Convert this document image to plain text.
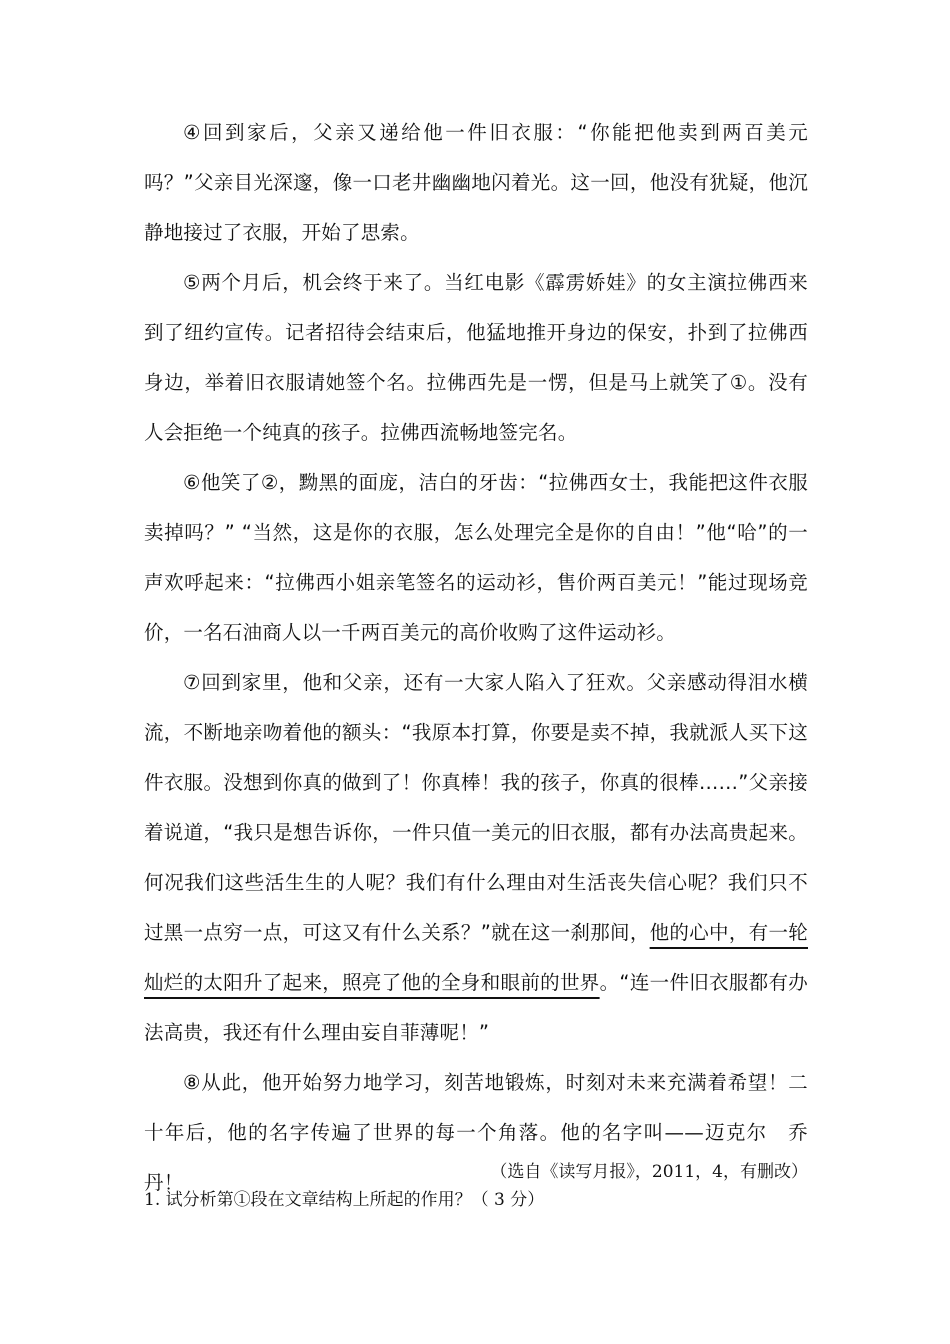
④回到家后，父亲又递给他一件旧衣服：“你能把他卖到两百美元吗？”父亲目光深邃，像一口老井幽幽地闪着光。这一回，他没有犹疑，他沉静地接过了衣服，开始了思索。

⑤两个月后，机会终于来了。当红电影《霹雳娇娃》的女主演拉佛西来到了纽约宣传。记者招待会结束后，他猛地推开身边的保安，扑到了拉佛西身边，举着旧衣服请她签个名。拉佛西先是一愣，但是马上就笑了①。没有人会拒绝一个纯真的孩子。拉佛西流畅地签完名。

⑥他笑了②，黝黑的面庞，洁白的牙齿：“拉佛西女士，我能把这件衣服卖掉吗？” “当然，这是你的衣服，怎么处理完全是你的自由！”他“哈”的一声欢呼起来：“拉佛西小姐亲笔签名的运动衫，售价两百美元！”能过现场竞价，一名石油商人以一千两百美元的高价收购了这件运动衫。

⑦回到家里，他和父亲，还有一大家人陷入了狂欢。父亲感动得泪水横流，不断地亲吻着他的额头：“我原本打算，你要是卖不掉，我就派人买下这件衣服。没想到你真的做到了！你真棒！我的孩子，你真的很棒……”父亲接着说道，“我只是想告诉你，一件只值一美元的旧衣服，都有办法高贵起来。何况我们这些活生生的人呢？我们有什么理由对生活丧失信心呢？我们只不过黑一点穷一点，可这又有什么关系？”就在这一刹那间，他的心中，有一轮灿烂的太阳升了起来，照亮了他的全身和眼前的世界。“连一件旧衣服都有办法高贵，我还有什么理由妄自菲薄呢！”

⑧从此，他开始努力地学习，刻苦地锻炼，时刻对未来充满着希望！二十年后，他的名字传遍了世界的每一个角落。他的名字叫——迈克尔　乔丹！	（选自《读写月报》，2011，4，有删改）

1. 试分析第①段在文章结构上所起的作用？（ 3 分）
